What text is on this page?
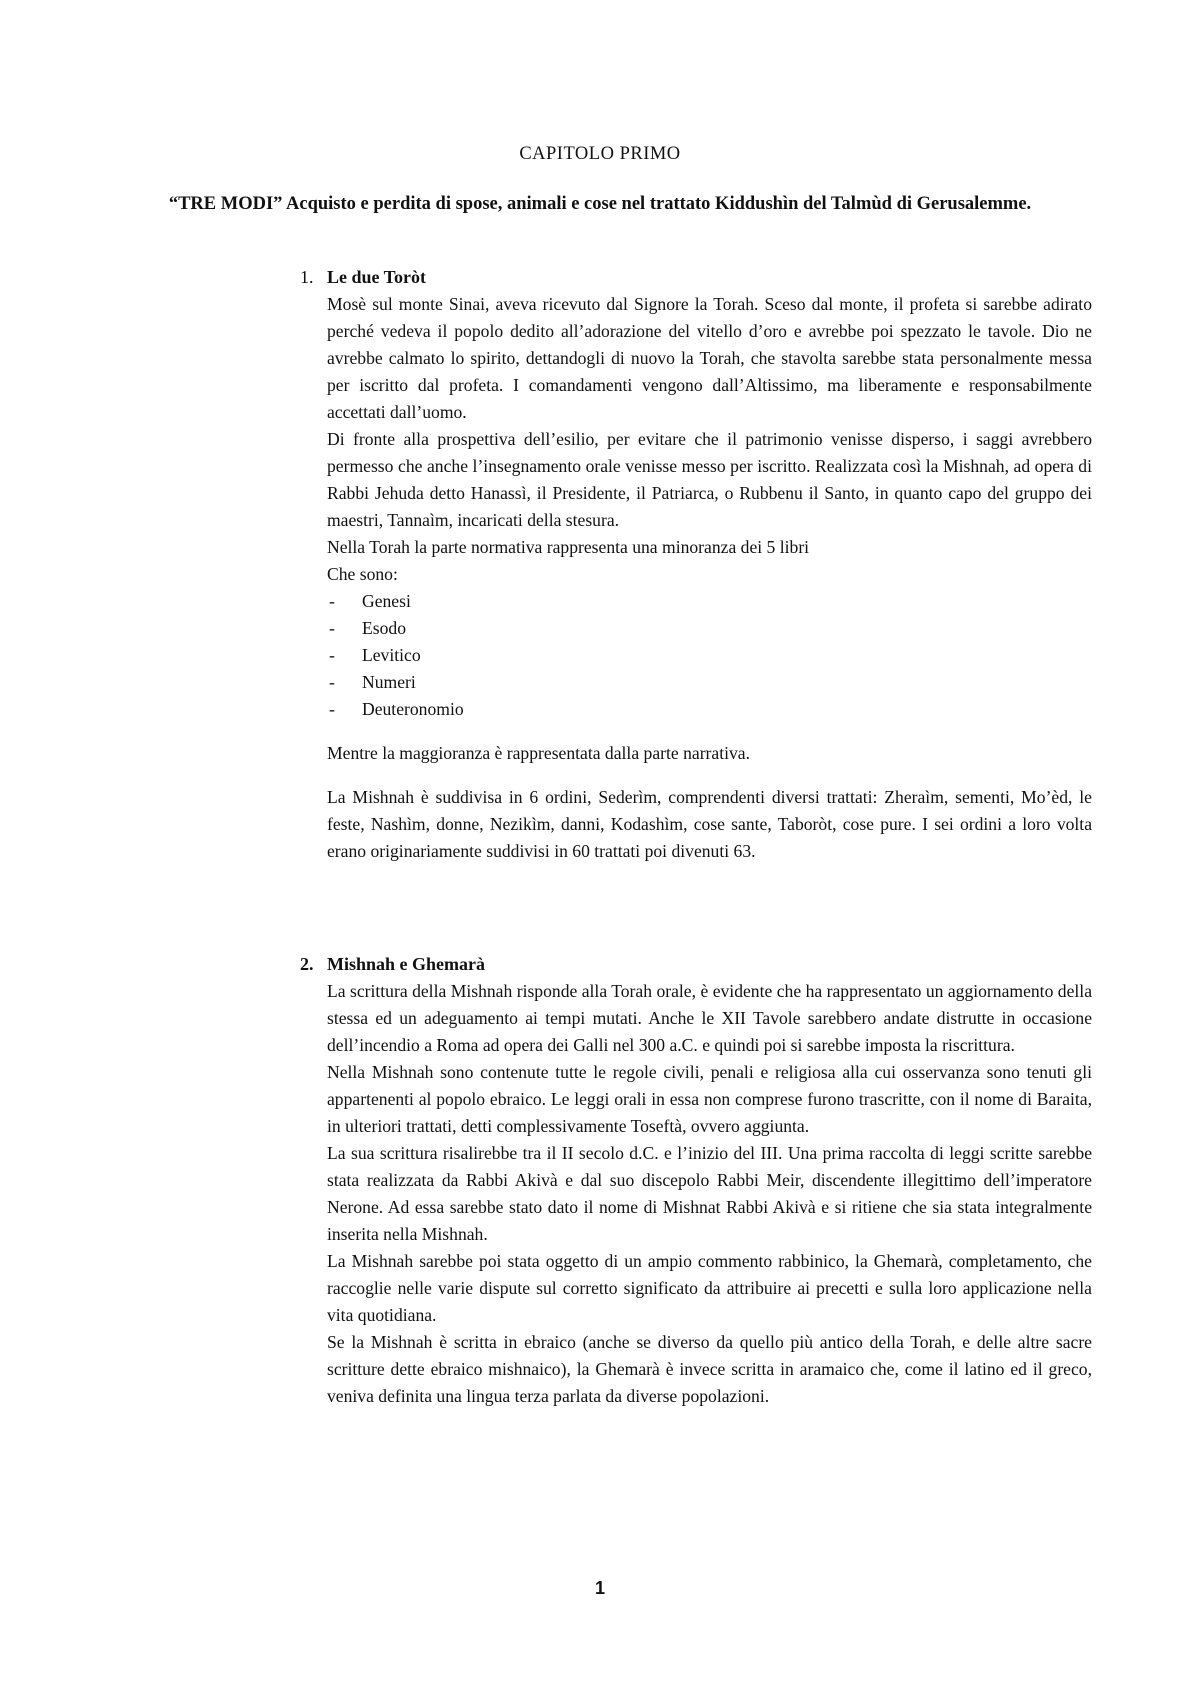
CAPITOLO PRIMO
“TRE MODI” Acquisto e perdita di spose, animali e cose nel trattato Kiddushìn del Talmùd di Gerusalemme.
1. Le due Toròt

Mosè sul monte Sinai, aveva ricevuto dal Signore la Torah. Sceso dal monte, il profeta si sarebbe adirato perché vedeva il popolo dedito all’adorazione del vitello d’oro e avrebbe poi spezzato le tavole. Dio ne avrebbe calmato lo spirito, dettandogli di nuovo la Torah, che stavolta sarebbe stata personalmente messa per iscritto dal profeta. I comandamenti vengono dall’Altissimo, ma liberamente e responsabilmente accettati dall’uomo.

Di fronte alla prospettiva dell’esilio, per evitare che il patrimonio venisse disperso, i saggi avrebbero permesso che anche l’insegnamento orale venisse messo per iscritto. Realizzata così la Mishnah, ad opera di Rabbi Jehuda detto Hanassì, il Presidente, il Patriarca, o Rubbenu il Santo, in quanto capo del gruppo dei maestri, Tannaìm, incaricati della stesura.

Nella Torah la parte normativa rappresenta una minoranza dei 5 libri

Che sono:

- Genesi
- Esodo
- Levitico
- Numeri
- Deuteronomio

Mentre la maggioranza è rappresentata dalla parte narrativa.

La Mishnah è suddivisa in 6 ordini, Sederìm, comprendenti diversi trattati: Zheraìm, sementi, Mo’èd, le feste, Nashìm, donne, Nezikìm, danni, Kodashìm, cose sante, Taboròt, cose pure. I sei ordini a loro volta erano originariamente suddivisi in 60 trattati poi divenuti 63.

2. Mishnah e Ghemarà

La scrittura della Mishnah risponde alla Torah orale, è evidente che ha rappresentato un aggiornamento della stessa ed un adeguamento ai tempi mutati. Anche le XII Tavole sarebbero andate distrutte in occasione dell’incendio a Roma ad opera dei Galli nel 300 a.C. e quindi poi si sarebbe imposta la riscrittura.

Nella Mishnah sono contenute tutte le regole civili, penali e religiosa alla cui osservanza sono tenuti gli appartenenti al popolo ebraico. Le leggi orali in essa non comprese furono trascritte, con il nome di Baraita, in ulteriori trattati, detti complessivamente Toseftà, ovvero aggiunta.

La sua scrittura risalirebbe tra il II secolo d.C. e l’inizio del III. Una prima raccolta di leggi scritte sarebbe stata realizzata da Rabbi Akivà e dal suo discepolo Rabbi Meir, discendente illegittimo dell’imperatore Nerone. Ad essa sarebbe stato dato il nome di Mishnat Rabbi Akivà e si ritiene che sia stata integralmente inserita nella Mishnah.

La Mishnah sarebbe poi stata oggetto di un ampio commento rabbinico, la Ghemarà, completamento, che raccoglie nelle varie dispute sul corretto significato da attribuire ai precetti e sulla loro applicazione nella vita quotidiana.

Se la Mishnah è scritta in ebraico (anche se diverso da quello più antico della Torah, e delle altre sacre scritture dette ebraico mishnaico), la Ghemarà è invece scritta in aramaico che, come il latino ed il greco, veniva definita una lingua terza parlata da diverse popolazioni.

1
